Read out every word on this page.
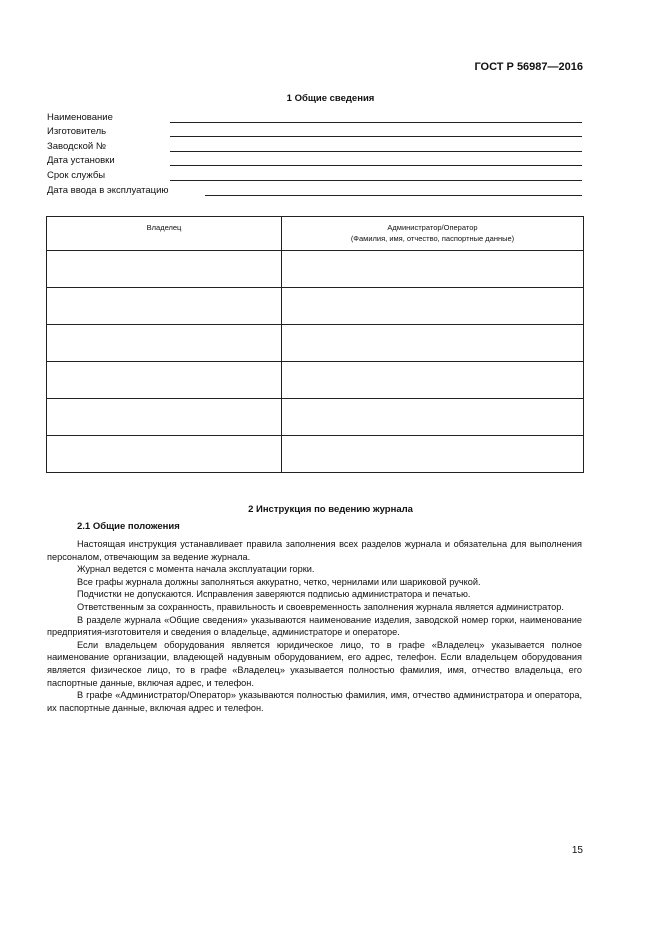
ГОСТ Р 56987—2016
1 Общие сведения
Наименование
Изготовитель
Заводской №
Дата установки
Срок службы
Дата ввода в эксплуатацию
Владелец	Администратор/Оператор
(Фамилия, имя, отчество, паспортные данные)

2 Инструкция по ведению журнала
2.1 Общие положения

Настоящая инструкция устанавливает правила заполнения всех разделов журнала и обязательна для выполнения персоналом, отвечающим за ведение журнала.

Журнал ведется с момента начала эксплуатации горки.

Все графы журнала должны заполняться аккуратно, четко, чернилами или шариковой ручкой.

Подчистки не допускаются. Исправления заверяются подписью администратора и печатью.

Ответственным за сохранность, правильность и своевременность заполнения журнала является администратор.

В разделе журнала «Общие сведения» указываются наименование изделия, заводской номер горки, наименование предприятия-изготовителя и сведения о владельце, администраторе и операторе.

Если владельцем оборудования является юридическое лицо, то в графе «Владелец» указывается полное наименование организации, владеющей надувным оборудованием, его адрес, телефон. Если владельцем оборудования является физическое лицо, то в графе «Владелец» указывается полностью фамилия, имя, отчество владельца, его паспортные данные, включая адрес, и телефон.

В графе «Администратор/Оператор» указываются полностью фамилия, имя, отчество администратора и оператора, их паспортные данные, включая адрес и телефон.

15
